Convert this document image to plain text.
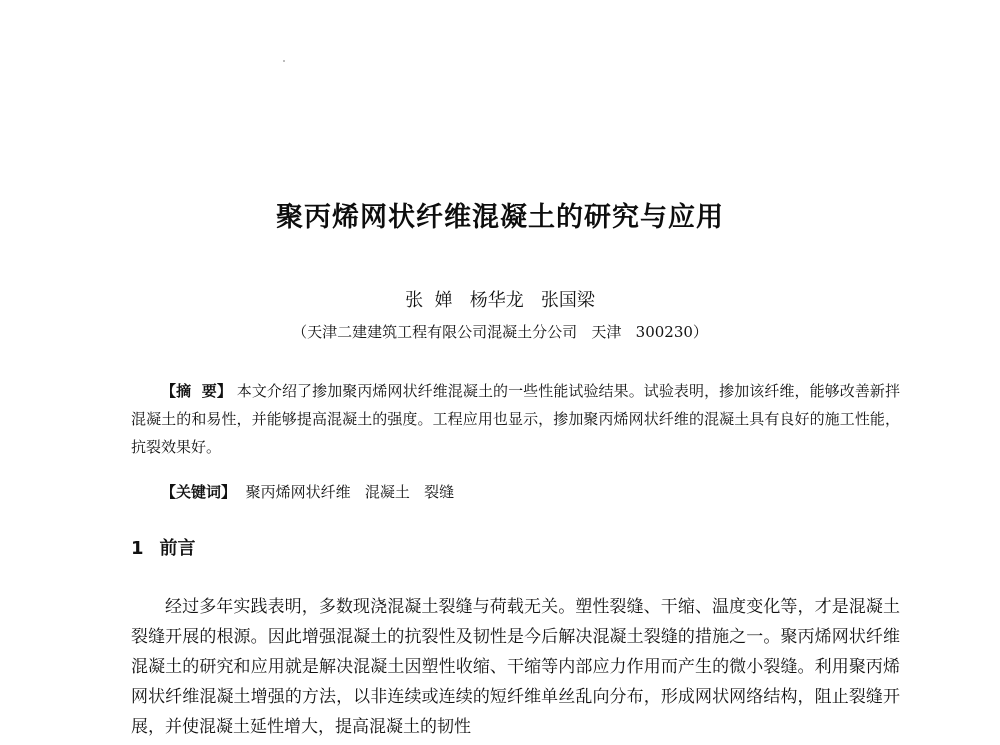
聚丙烯网状纤维混凝土的研究与应用
张  婵   杨华龙   张国梁
（天津二建建筑工程有限公司混凝土分公司   天津   300230）

【摘  要】 本文介绍了掺加聚丙烯网状纤维混凝土的一些性能试验结果。试验表明，掺加该纤维，能够改善新拌混凝土的和易性，并能够提高混凝土的强度。工程应用也显示，掺加聚丙烯网状纤维的混凝土具有良好的施工性能，抗裂效果好。

【关键词】 聚丙烯网状纤维   混凝土   裂缝
1 前言

经过多年实践表明，多数现浇混凝土裂缝与荷载无关。塑性裂缝、干缩、温度变化等，才是混凝土裂缝开展的根源。因此增强混凝土的抗裂性及韧性是今后解决混凝土裂缝的措施之一。聚丙烯网状纤维混凝土的研究和应用就是解决混凝土因塑性收缩、干缩等内部应力作用而产生的微小裂缝。利用聚丙烯网状纤维混凝土增强的方法，以非连续或连续的短纤维单丝乱向分布，形成网状网络结构，阻止裂缝开展，并使混凝土延性增大，提高混凝土的韧性
